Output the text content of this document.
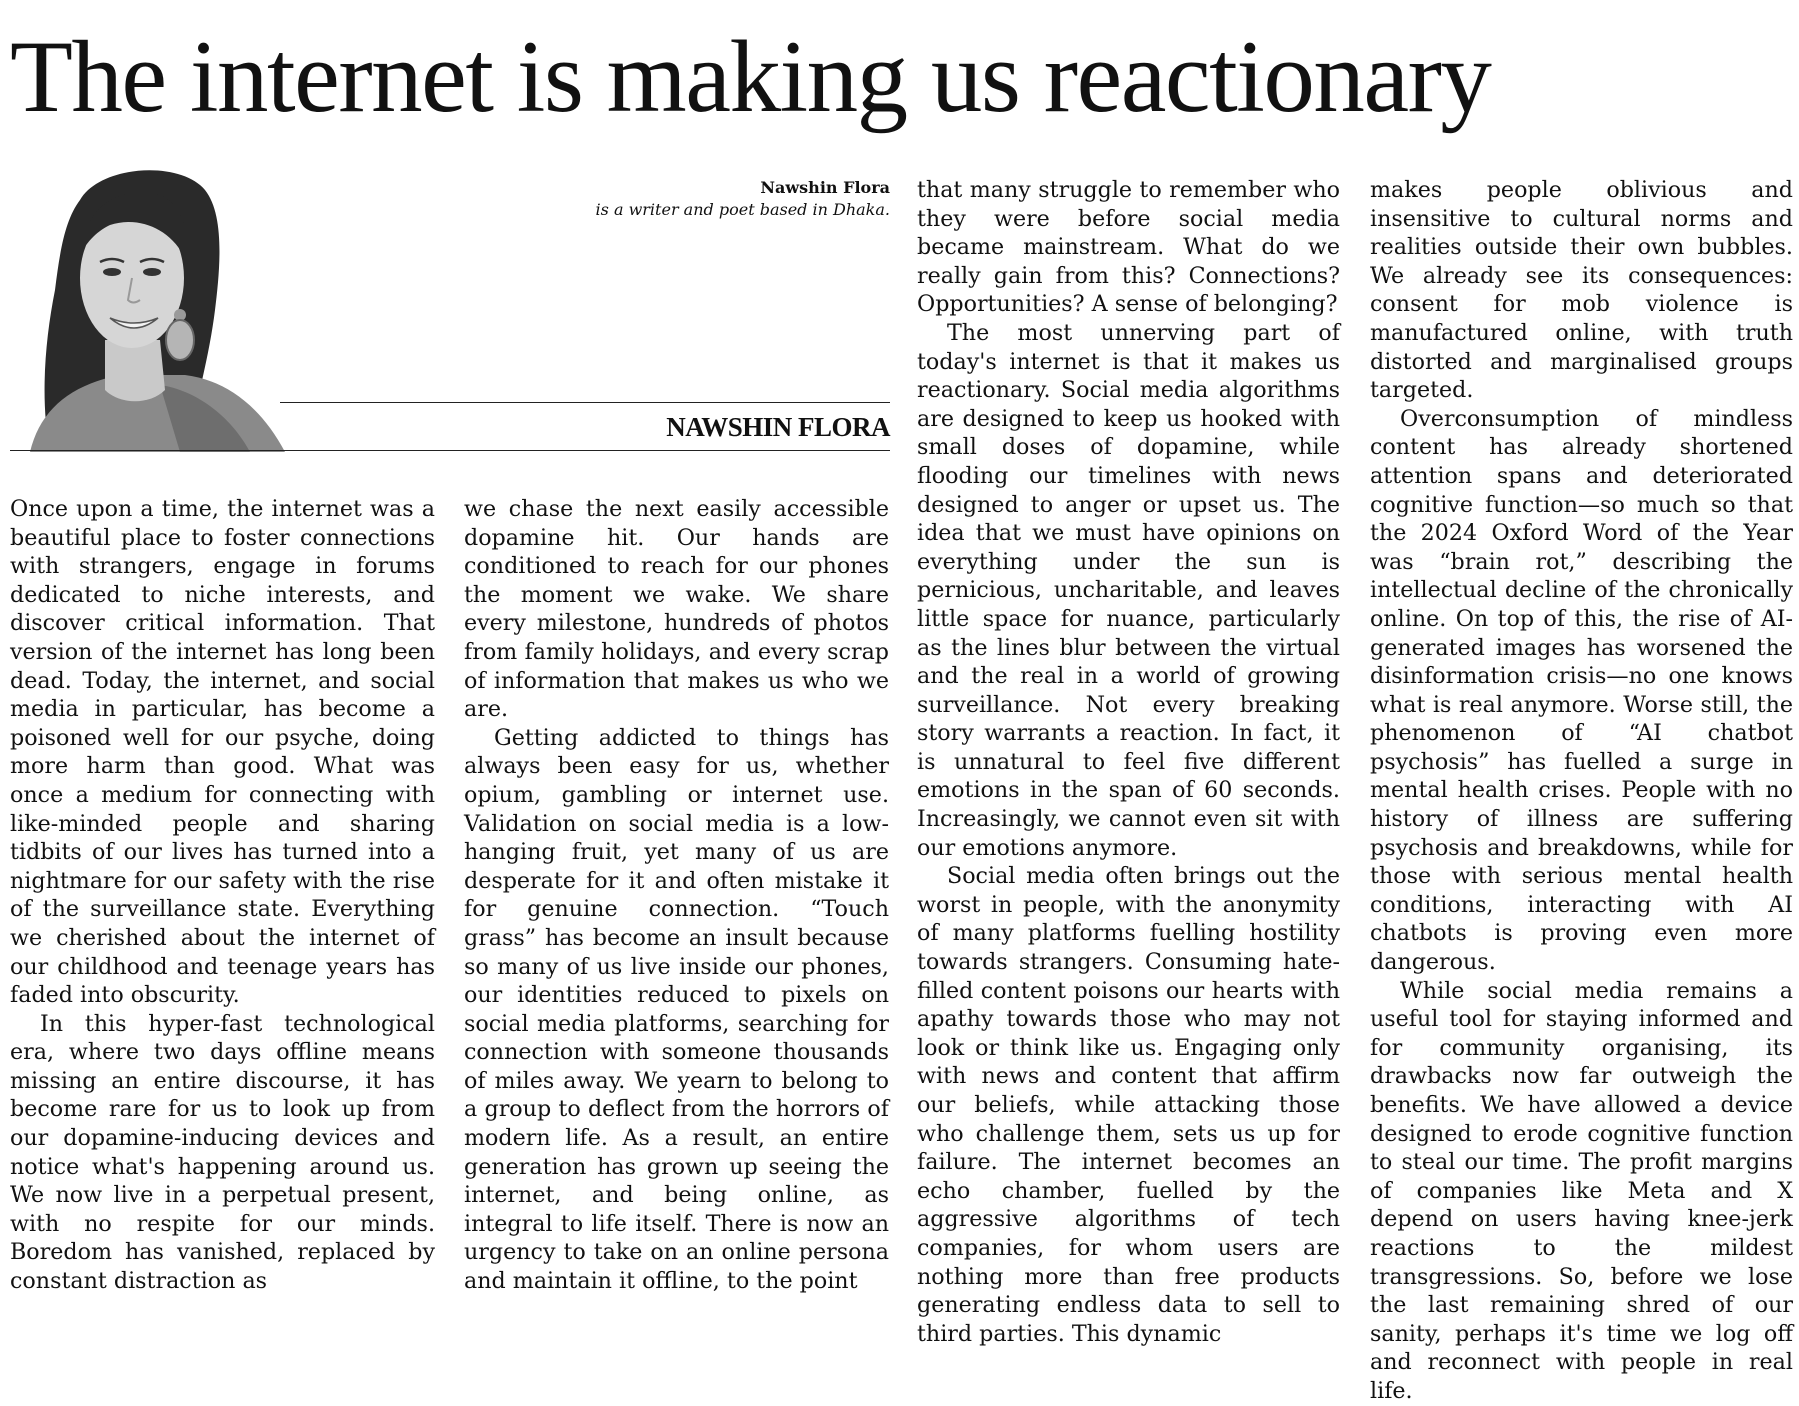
The internet is making us reactionary

Nawshin Flora

is a writer and poet based in Dhaka.

NAWSHIN FLORA

Once upon a time, the internet was a beautiful place to foster connections with strangers, engage in forums dedicated to niche interests, and discover critical information. That version of the internet has long been dead. Today, the internet, and social media in particular, has become a poisoned well for our psyche, doing more harm than good. What was once a medium for connecting with like-minded people and sharing tidbits of our lives has turned into a nightmare for our safety with the rise of the surveillance state. Everything we cherished about the internet of our childhood and teenage years has faded into obscurity.

In this hyper-fast technological era, where two days offline means missing an entire discourse, it has become rare for us to look up from our dopamine-inducing devices and notice what's happening around us. We now live in a perpetual present, with no respite for our minds. Boredom has vanished, replaced by constant distraction as

we chase the next easily accessible dopamine hit. Our hands are conditioned to reach for our phones the moment we wake. We share every milestone, hundreds of photos from family holidays, and every scrap of information that makes us who we are.

Getting addicted to things has always been easy for us, whether opium, gambling or internet use. Validation on social media is a low-hanging fruit, yet many of us are desperate for it and often mistake it for genuine connection. “Touch grass” has become an insult because so many of us live inside our phones, our identities reduced to pixels on social media platforms, searching for connection with someone thousands of miles away. We yearn to belong to a group to deflect from the horrors of modern life. As a result, an entire generation has grown up seeing the internet, and being online, as integral to life itself. There is now an urgency to take on an online persona and maintain it offline, to the point

that many struggle to remember who they were before social media became mainstream. What do we really gain from this? Connections? Opportunities? A sense of belonging?

The most unnerving part of today's internet is that it makes us reactionary. Social media algorithms are designed to keep us hooked with small doses of dopamine, while flooding our timelines with news designed to anger or upset us. The idea that we must have opinions on everything under the sun is pernicious, uncharitable, and leaves little space for nuance, particularly as the lines blur between the virtual and the real in a world of growing surveillance. Not every breaking story warrants a reaction. In fact, it is unnatural to feel five different emotions in the span of 60 seconds. Increasingly, we cannot even sit with our emotions anymore.

Social media often brings out the worst in people, with the anonymity of many platforms fuelling hostility towards strangers. Consuming hate-filled content poisons our hearts with apathy towards those who may not look or think like us. Engaging only with news and content that affirm our beliefs, while attacking those who challenge them, sets us up for failure. The internet becomes an echo chamber, fuelled by the aggressive algorithms of tech companies, for whom users are nothing more than free products generating endless data to sell to third parties. This dynamic

makes people oblivious and insensitive to cultural norms and realities outside their own bubbles. We already see its consequences: consent for mob violence is manufactured online, with truth distorted and marginalised groups targeted.

Overconsumption of mindless content has already shortened attention spans and deteriorated cognitive function—so much so that the 2024 Oxford Word of the Year was “brain rot,” describing the intellectual decline of the chronically online. On top of this, the rise of AI-generated images has worsened the disinformation crisis—no one knows what is real anymore. Worse still, the phenomenon of “AI chatbot psychosis” has fuelled a surge in mental health crises. People with no history of illness are suffering psychosis and breakdowns, while for those with serious mental health conditions, interacting with AI chatbots is proving even more dangerous.

While social media remains a useful tool for staying informed and for community organising, its drawbacks now far outweigh the benefits. We have allowed a device designed to erode cognitive function to steal our time. The profit margins of companies like Meta and X depend on users having knee-jerk reactions to the mildest transgressions. So, before we lose the last remaining shred of our sanity, perhaps it's time we log off and reconnect with people in real life.
